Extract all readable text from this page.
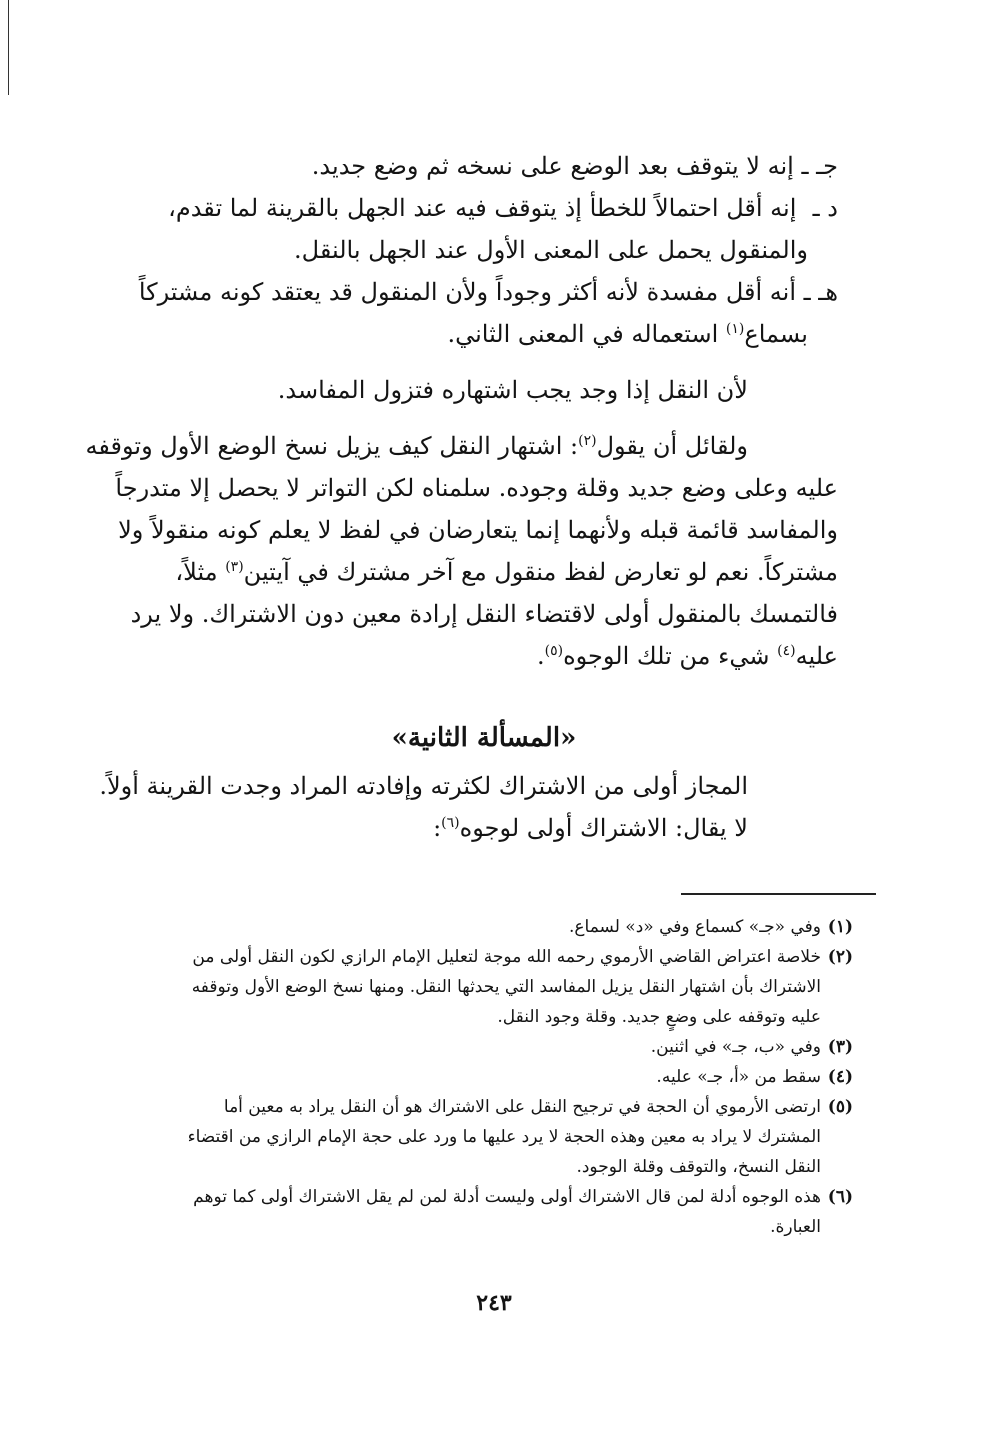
جـ ـ إنه لا يتوقف بعد الوضع على نسخه ثم وضع جديد.
د ـ إنه أقل احتمالاً للخطأ إذ يتوقف فيه عند الجهل بالقرينة لما تقدم،
والمنقول يحمل على المعنى الأول عند الجهل بالنقل.
هـ ـ أنه أقل مفسدة لأنه أكثر وجوداً ولأن المنقول قد يعتقد كونه مشتركاً
بسماع$^{(١)}$ استعماله في المعنى الثاني.
لأن النقل إذا وجد يجب اشتهاره فتزول المفاسد.
ولقائل أن يقول$^{(٢)}$: اشتهار النقل كيف يزيل نسخ الوضع الأول وتوقفه
عليه وعلى وضع جديد وقلة وجوده. سلمناه لكن التواتر لا يحصل إلا متدرجاً
والمفاسد قائمة قبله ولأنهما إنما يتعارضان في لفظ لا يعلم كونه منقولاً ولا
مشتركاً. نعم لو تعارض لفظ منقول مع آخر مشترك في آيتين$^{(٣)}$ مثلاً،
فالتمسك بالمنقول أولى لاقتضاء النقل إرادة معين دون الاشتراك. ولا يرد
عليه$^{(٤)}$ شيء من تلك الوجوه$^{(٥)}$.
«المسألة الثانية»
المجاز أولى من الاشتراك لكثرته وإفادته المراد وجدت القرينة أولاً.
لا يقال: الاشتراك أولى لوجوه$^{(٦)}$:
(١)وفي «جـ» كسماع وفي «د» لسماع.
(٢)خلاصة اعتراض القاضي الأرموي رحمه الله موجة لتعليل الإمام الرازي لكون النقل أولى من
الاشتراك بأن اشتهار النقل يزيل المفاسد التي يحدثها النقل. ومنها نسخ الوضع الأول وتوقفه
عليه وتوقفه على وضعٍ جديد. وقلة وجود النقل.
(٣)وفي «ب، جـ» في اثنين.
(٤)سقط من «أ، جـ» عليه.
(٥)ارتضى الأرموي أن الحجة في ترجيح النقل على الاشتراك هو أن النقل يراد به معين أما
المشترك لا يراد به معين وهذه الحجة لا يرد عليها ما ورد على حجة الإمام الرازي من اقتضاء
النقل النسخ، والتوقف وقلة الوجود.
(٦)هذه الوجوه أدلة لمن قال الاشتراك أولى وليست أدلة لمن لم يقل الاشتراك أولى كما توهم
العبارة.
٢٤٣
